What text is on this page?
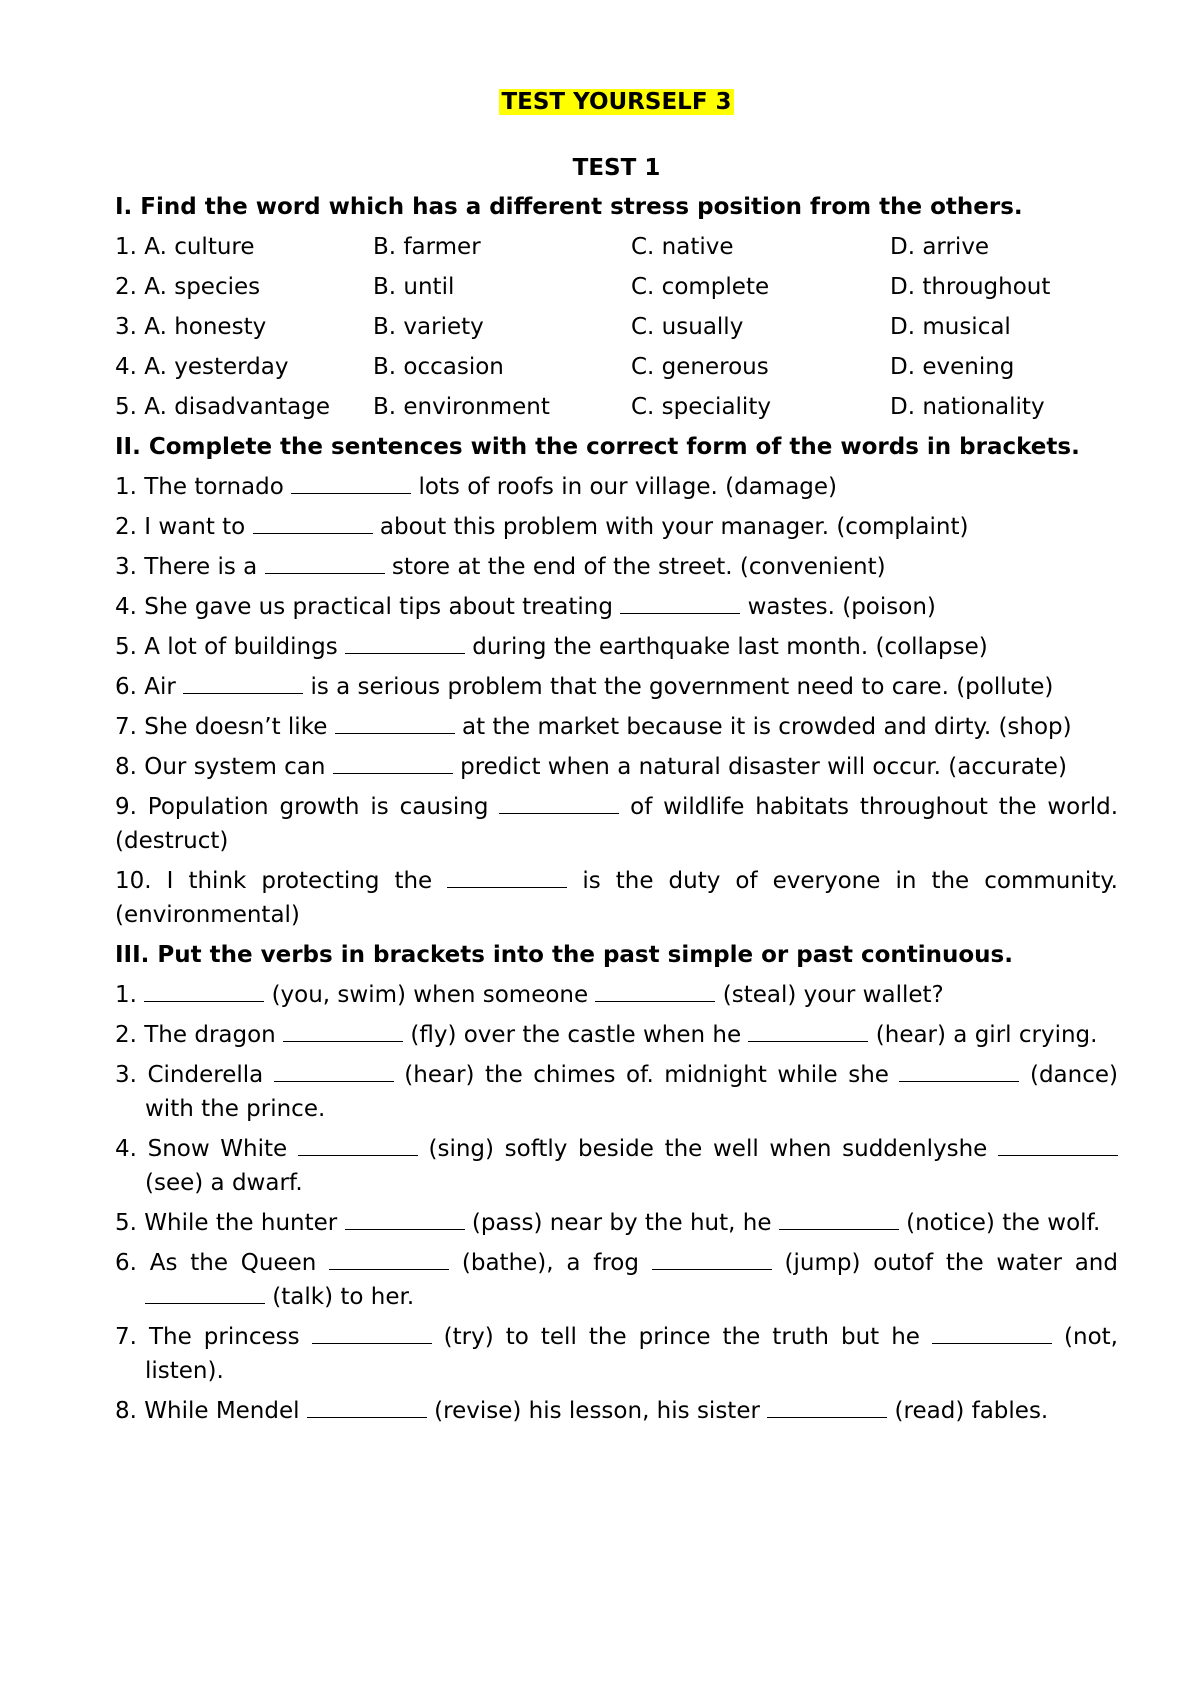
TEST YOURSELF 3
TEST 1
I. Find the word which has a different stress position from the others.
1. A. culture	B. farmer	C. native	D. arrive
2. A. species	B. until	C. complete	D. throughout
3. A. honesty	B. variety	C. usually	D. musical
4. A. yesterday	B. occasion	C. generous	D. evening
5. A. disadvantage	B. environment	C. speciality	D. nationality
II. Complete the sentences with the correct form of the words in brackets.
1. The tornado	lots of roofs in our village. (damage)
2. I want to	about this problem with your manager. (complaint)
3. There is a	store at the end of the street. (convenient)
4. She gave us practical tips about treating	wastes. (poison)
5. A lot of buildings	during the earthquake last month. (collapse)
6. Air	is a serious problem that the government need to care. (pollute)
7. She doesn’t like	at the market because it is crowded and dirty. (shop)
8. Our system can	predict when a natural disaster will occur. (accurate)
9. Population growth is causing	of wildlife habitats throughout the world. (destruct)
10. I think protecting the	is the duty of everyone in the community. (environmental)
III. Put the verbs in brackets into the past simple or past continuous.
1.	(you, swim) when someone	(steal) your wallet?
2. The dragon	(fly) over the castle when he	(hear) a girl crying.
3. Cinderella	(hear) the chimes of. midnight while she	(dance) with the prince.
4. Snow White	(sing) softly beside the well when suddenlyshe  (see) a dwarf.
5. While the hunter	(pass) near by the hut, he	(notice) the wolf.
6. As the Queen	(bathe), a frog	(jump) outof the water and  (talk) to her.
7. The princess	(try) to tell the prince the truth but he	(not, listen).
8. While Mendel	(revise) his lesson, his sister	(read) fables.
